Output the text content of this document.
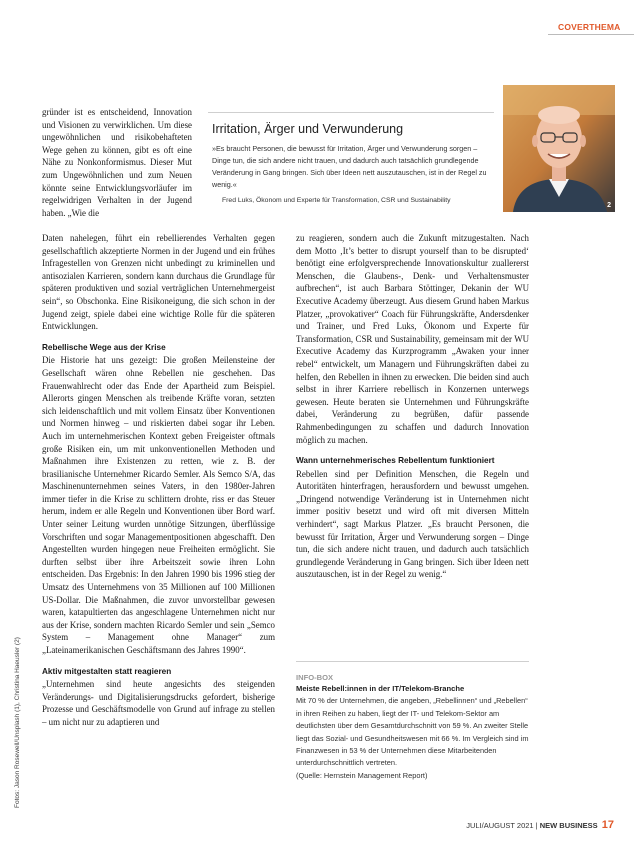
COVERTHEMA
Irritation, Ärger und Verwunderung
»Es braucht Personen, die bewusst für Irritation, Ärger und Verwunderung sorgen – Dinge tun, die sich andere nicht trauen, und dadurch auch tatsächlich grundlegende Veränderung in Gang bringen. Sich über Ideen nett auszutauschen, ist in der Regel zu wenig.«
Fred Luks, Ökonom und Experte für Transformation, CSR und Sustainability
2

gründer ist es entscheidend, Innovation und Visionen zu verwirklichen. Um diese ungewöhnlichen und risikobehafteten Wege gehen zu können, gibt es oft eine Nähe zu Nonkonformismus. Dieser Mut zum Ungewöhnlichen und zum Neuen könnte seine Entwicklungsvorläufer im regelwidrigen Verhalten in der Jugend haben. „Wie die

Daten nahelegen, führt ein rebellierendes Verhalten gegen gesellschaftlich akzeptierte Normen in der Jugend und ein frühes Infragestellen von Grenzen nicht unbedingt zu kriminellen und antisozialen Karrieren, sondern kann durchaus die Grundlage für späteren produktiven und sozial verträglichen Unternehmergeist sein“, so Obschonka. Eine Risikoneigung, die sich schon in der Jugend zeigt, spiele dabei eine wichtige Rolle für die späteren Entwicklungen.

Rebellische Wege aus der Krise

Die Historie hat uns gezeigt: Die großen Meilensteine der Gesellschaft wären ohne Rebellen nie geschehen. Das Frauenwahlrecht oder das Ende der Apartheid zum Beispiel. Allerorts gingen Menschen als treibende Kräfte voran, setzten sich leidenschaftlich und mit vollem Einsatz über Konventionen und Normen hinweg – und riskierten dabei sogar ihr Leben. Auch im unternehmerischen Kontext geben Freigeister oftmals große Risiken ein, um mit unkonventionellen Methoden und Maßnahmen ihre Existenzen zu retten, wie z. B. der brasilianische Unternehmer Ricardo Semler. Als Semco S/A, das Maschinenunternehmen seines Vaters, in den 1980er-Jahren immer tiefer in die Krise zu schlittern drohte, riss er das Steuer herum, indem er alle Regeln und Konventionen über Bord warf. Unter seiner Leitung wurden unnötige Sitzungen, überflüssige Vorschriften und sogar Managementpositionen abgeschafft. Den Angestellten wurden hingegen neue Freiheiten ermöglicht. Sie durften selbst über ihre Arbeitszeit sowie ihren Lohn entscheiden. Das Ergebnis: In den Jahren 1990 bis 1996 stieg der Umsatz des Unternehmens von 35 Millionen auf 100 Millionen US-Dollar. Die Maßnahmen, die zuvor unvorstellbar gewesen waren, katapultierten das angeschlagene Unternehmen nicht nur aus der Krise, sondern machten Ricardo Semler und sein „Semco System – Management ohne Manager“ zum „Lateinamerikanischen Geschäftsmann des Jahres 1990“.

Aktiv mitgestalten statt reagieren

„Unternehmen sind heute angesichts des steigenden Veränderungs- und Digitalisierungsdrucks gefordert, bisherige Prozesse und Geschäftsmodelle von Grund auf infrage zu stellen – um nicht nur zu adaptieren und

zu reagieren, sondern auch die Zukunft mitzugestalten. Nach dem Motto ‚It’s better to disrupt yourself than to be disrupted‘ benötigt eine erfolgversprechende Innovationskultur zuallererst Menschen, die Glaubens-, Denk- und Verhaltensmuster aufbrechen“, ist auch Barbara Stöttinger, Dekanin der WU Executive Academy überzeugt. Aus diesem Grund haben Markus Platzer, „provokativer“ Coach für Führungskräfte, Andersdenker und Trainer, und Fred Luks, Ökonom und Experte für Transformation, CSR und Sustainability, gemeinsam mit der WU Executive Academy das Kurzprogramm „Awaken your inner rebel“ entwickelt, um Managern und Führungskräften dabei zu helfen, den Rebellen in ihnen zu erwecken. Die beiden sind auch selbst in ihrer Karriere rebellisch in Konzernen unterwegs gewesen. Heute beraten sie Unternehmen und Führungskräfte dabei, Veränderung zu begrüßen, dafür passende Rahmenbedingungen zu schaffen und dadurch Innovation möglich zu machen.

Wann unternehmerisches Rebellentum funktioniert

Rebellen sind per Definition Menschen, die Regeln und Autoritäten hinterfragen, herausfordern und bewusst umgehen. „Dringend notwendige Veränderung ist in Unternehmen nicht immer positiv besetzt und wird oft mit diversen Mitteln verhindert“, sagt Markus Platzer. „Es braucht Personen, die bewusst für Irritation, Ärger und Verwunderung sorgen – Dinge tun, die sich andere nicht trauen, und dadurch auch tatsächlich grundlegende Veränderung in Gang bringen. Sich über Ideen nett auszutauschen, ist in der Regel zu wenig.“

INFO-BOX
Meiste Rebell:innen in der IT/Telekom-Branche
Mit 70 % der Unternehmen, die angeben, „Rebellinnen“ und „Rebellen“ in ihren Reihen zu haben, liegt der IT- und Telekom-Sektor am deutlichsten über dem Gesamtdurchschnitt von 59 %. An zweiter Stelle liegt das Sozial- und Gesundheitswesen mit 66 %. Im Vergleich sind im Finanzwesen in 53 % der Unternehmen diese Mitarbeitenden unterdurchschnittlich vertreten.
(Quelle: Hernstein Management Report)
Fotos: Jason Rosewell/Unsplash (1), Christina Haeusler (2)
JULI/AUGUST 2021 | NEW BUSINESS 17
